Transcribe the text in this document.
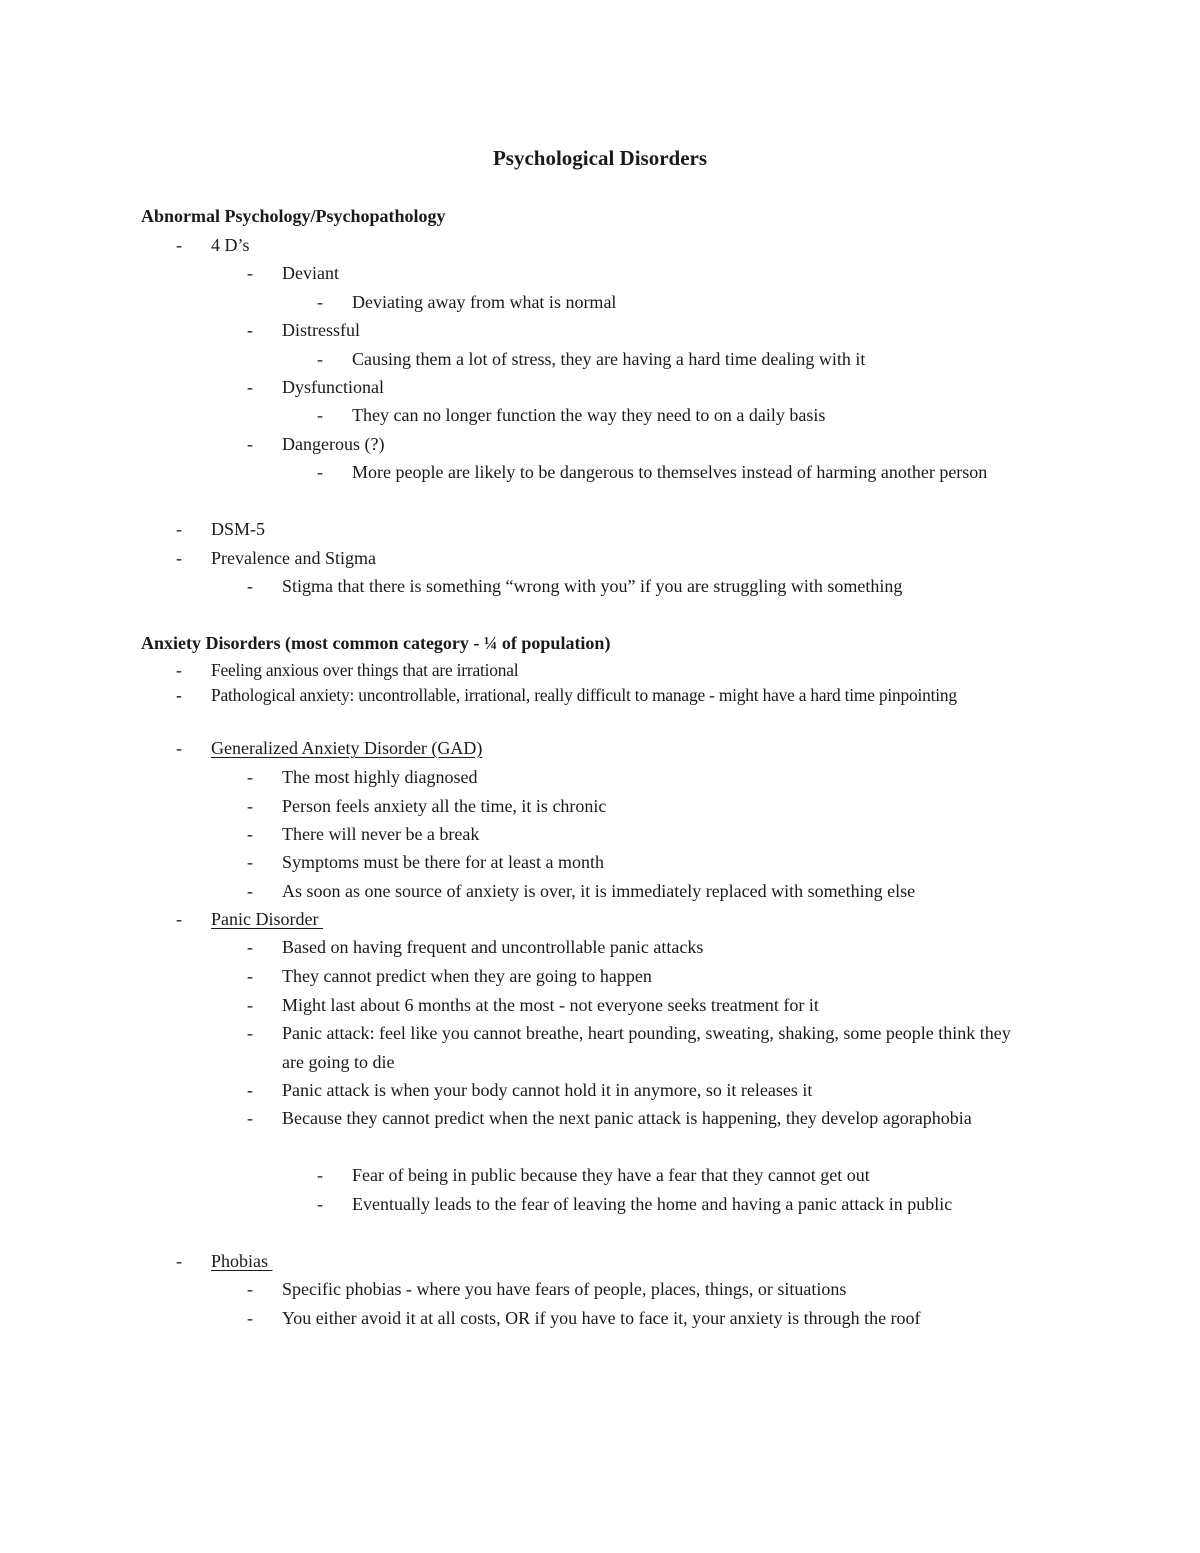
Psychological Disorders
Abnormal Psychology/Psychopathology
- 4 D’s
- Deviant
- Deviating away from what is normal
- Distressful
- Causing them a lot of stress, they are having a hard time dealing with it
- Dysfunctional
- They can no longer function the way they need to on a daily basis
- Dangerous (?)
- More people are likely to be dangerous to themselves instead of harming another person
- DSM-5
- Prevalence and Stigma
- Stigma that there is something “wrong with you” if you are struggling with something
Anxiety Disorders (most common category - ¼ of population)
- Feeling anxious over things that are irrational
- Pathological anxiety: uncontrollable, irrational, really difficult to manage - might have a hard time pinpointing
- Generalized Anxiety Disorder (GAD)
- The most highly diagnosed
- Person feels anxiety all the time, it is chronic
- There will never be a break
- Symptoms must be there for at least a month
- As soon as one source of anxiety is over, it is immediately replaced with something else
- Panic Disorder
- Based on having frequent and uncontrollable panic attacks
- They cannot predict when they are going to happen
- Might last about 6 months at the most - not everyone seeks treatment for it
- Panic attack: feel like you cannot breathe, heart pounding, sweating, shaking, some people think they are going to die
- Panic attack is when your body cannot hold it in anymore, so it releases it
- Because they cannot predict when the next panic attack is happening, they develop agoraphobia
- Fear of being in public because they have a fear that they cannot get out
- Eventually leads to the fear of leaving the home and having a panic attack in public
- Phobias
- Specific phobias - where you have fears of people, places, things, or situations
- You either avoid it at all costs, OR if you have to face it, your anxiety is through the roof
